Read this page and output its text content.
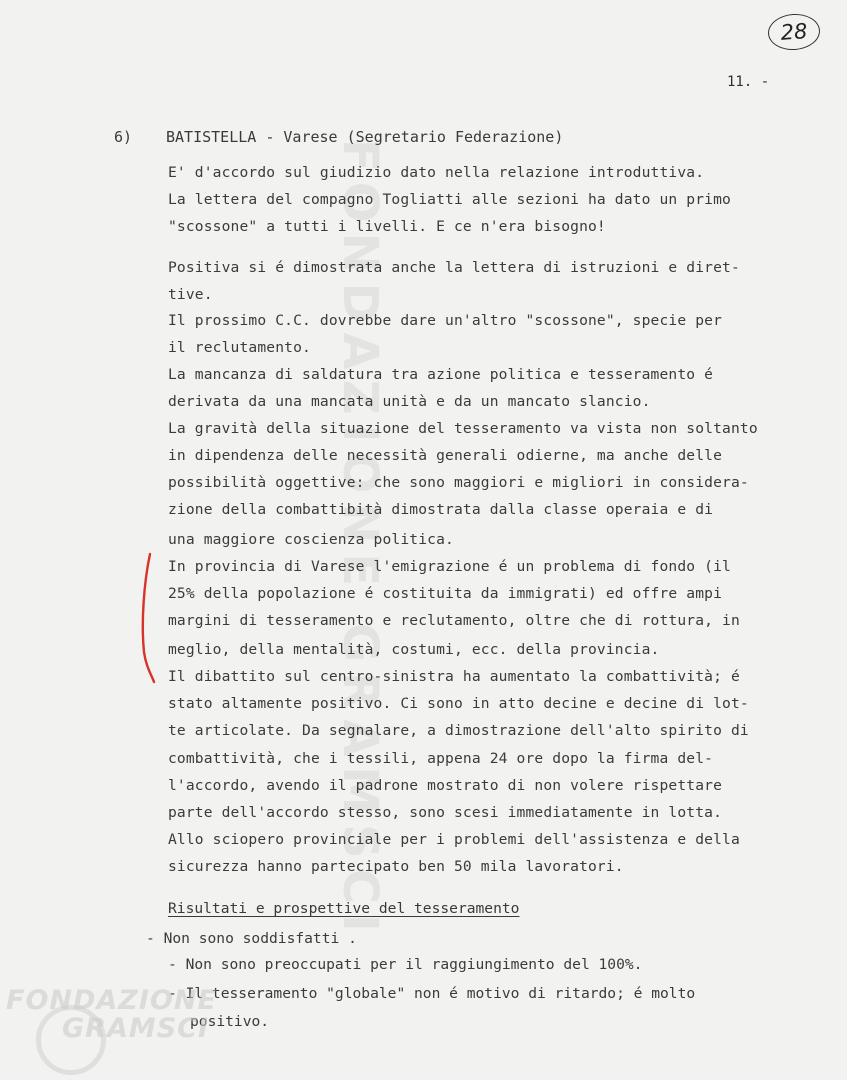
FONDAZIONE GRAMSCI
28
11. -
6) BATISTELLA - Varese (Segretario Federazione)
E' d'accordo sul giudizio dato nella relazione introduttiva.
La lettera del compagno Togliatti alle sezioni ha dato un primo
"scossone" a tutti i livelli. E ce n'era bisogno!
Positiva si é dimostrata anche la lettera di istruzioni e diret-
tive.
Il prossimo C.C. dovrebbe dare un'altro "scossone", specie per
il reclutamento.
La mancanza di saldatura tra azione politica e tesseramento é
derivata da una mancata unità e da un mancato slancio.
La gravità della situazione del tesseramento va vista non soltanto
in dipendenza delle necessità generali odierne, ma anche delle
possibilità oggettive: che sono maggiori e migliori in considera-
zione della combattibità dimostrata dalla classe operaia e di
una maggiore coscienza politica.
In provincia di Varese l'emigrazione é un problema di fondo (il
25% della popolazione é costituita da immigrati) ed offre ampi
margini di tesseramento e reclutamento, oltre che di rottura, in
meglio, della mentalità, costumi, ecc. della provincia.
Il dibattito sul centro-sinistra ha aumentato la combattività; é
stato altamente positivo. Ci sono in atto decine e decine di lot-
te articolate. Da segnalare, a dimostrazione dell'alto spirito di
combattività, che i tessili, appena 24 ore dopo la firma del-
l'accordo, avendo il padrone mostrato di non volere rispettare
parte dell'accordo stesso, sono scesi immediatamente in lotta.
Allo sciopero provinciale per i problemi dell'assistenza e della
sicurezza hanno partecipato ben 50 mila lavoratori.
Risultati e prospettive del tesseramento
- Non sono soddisfatti .
- Non sono preoccupati per il raggiungimento del 100%.
- Il tesseramento "globale" non é motivo di ritardo; é molto
positivo.
FONDAZIONE
GRAMSCI
